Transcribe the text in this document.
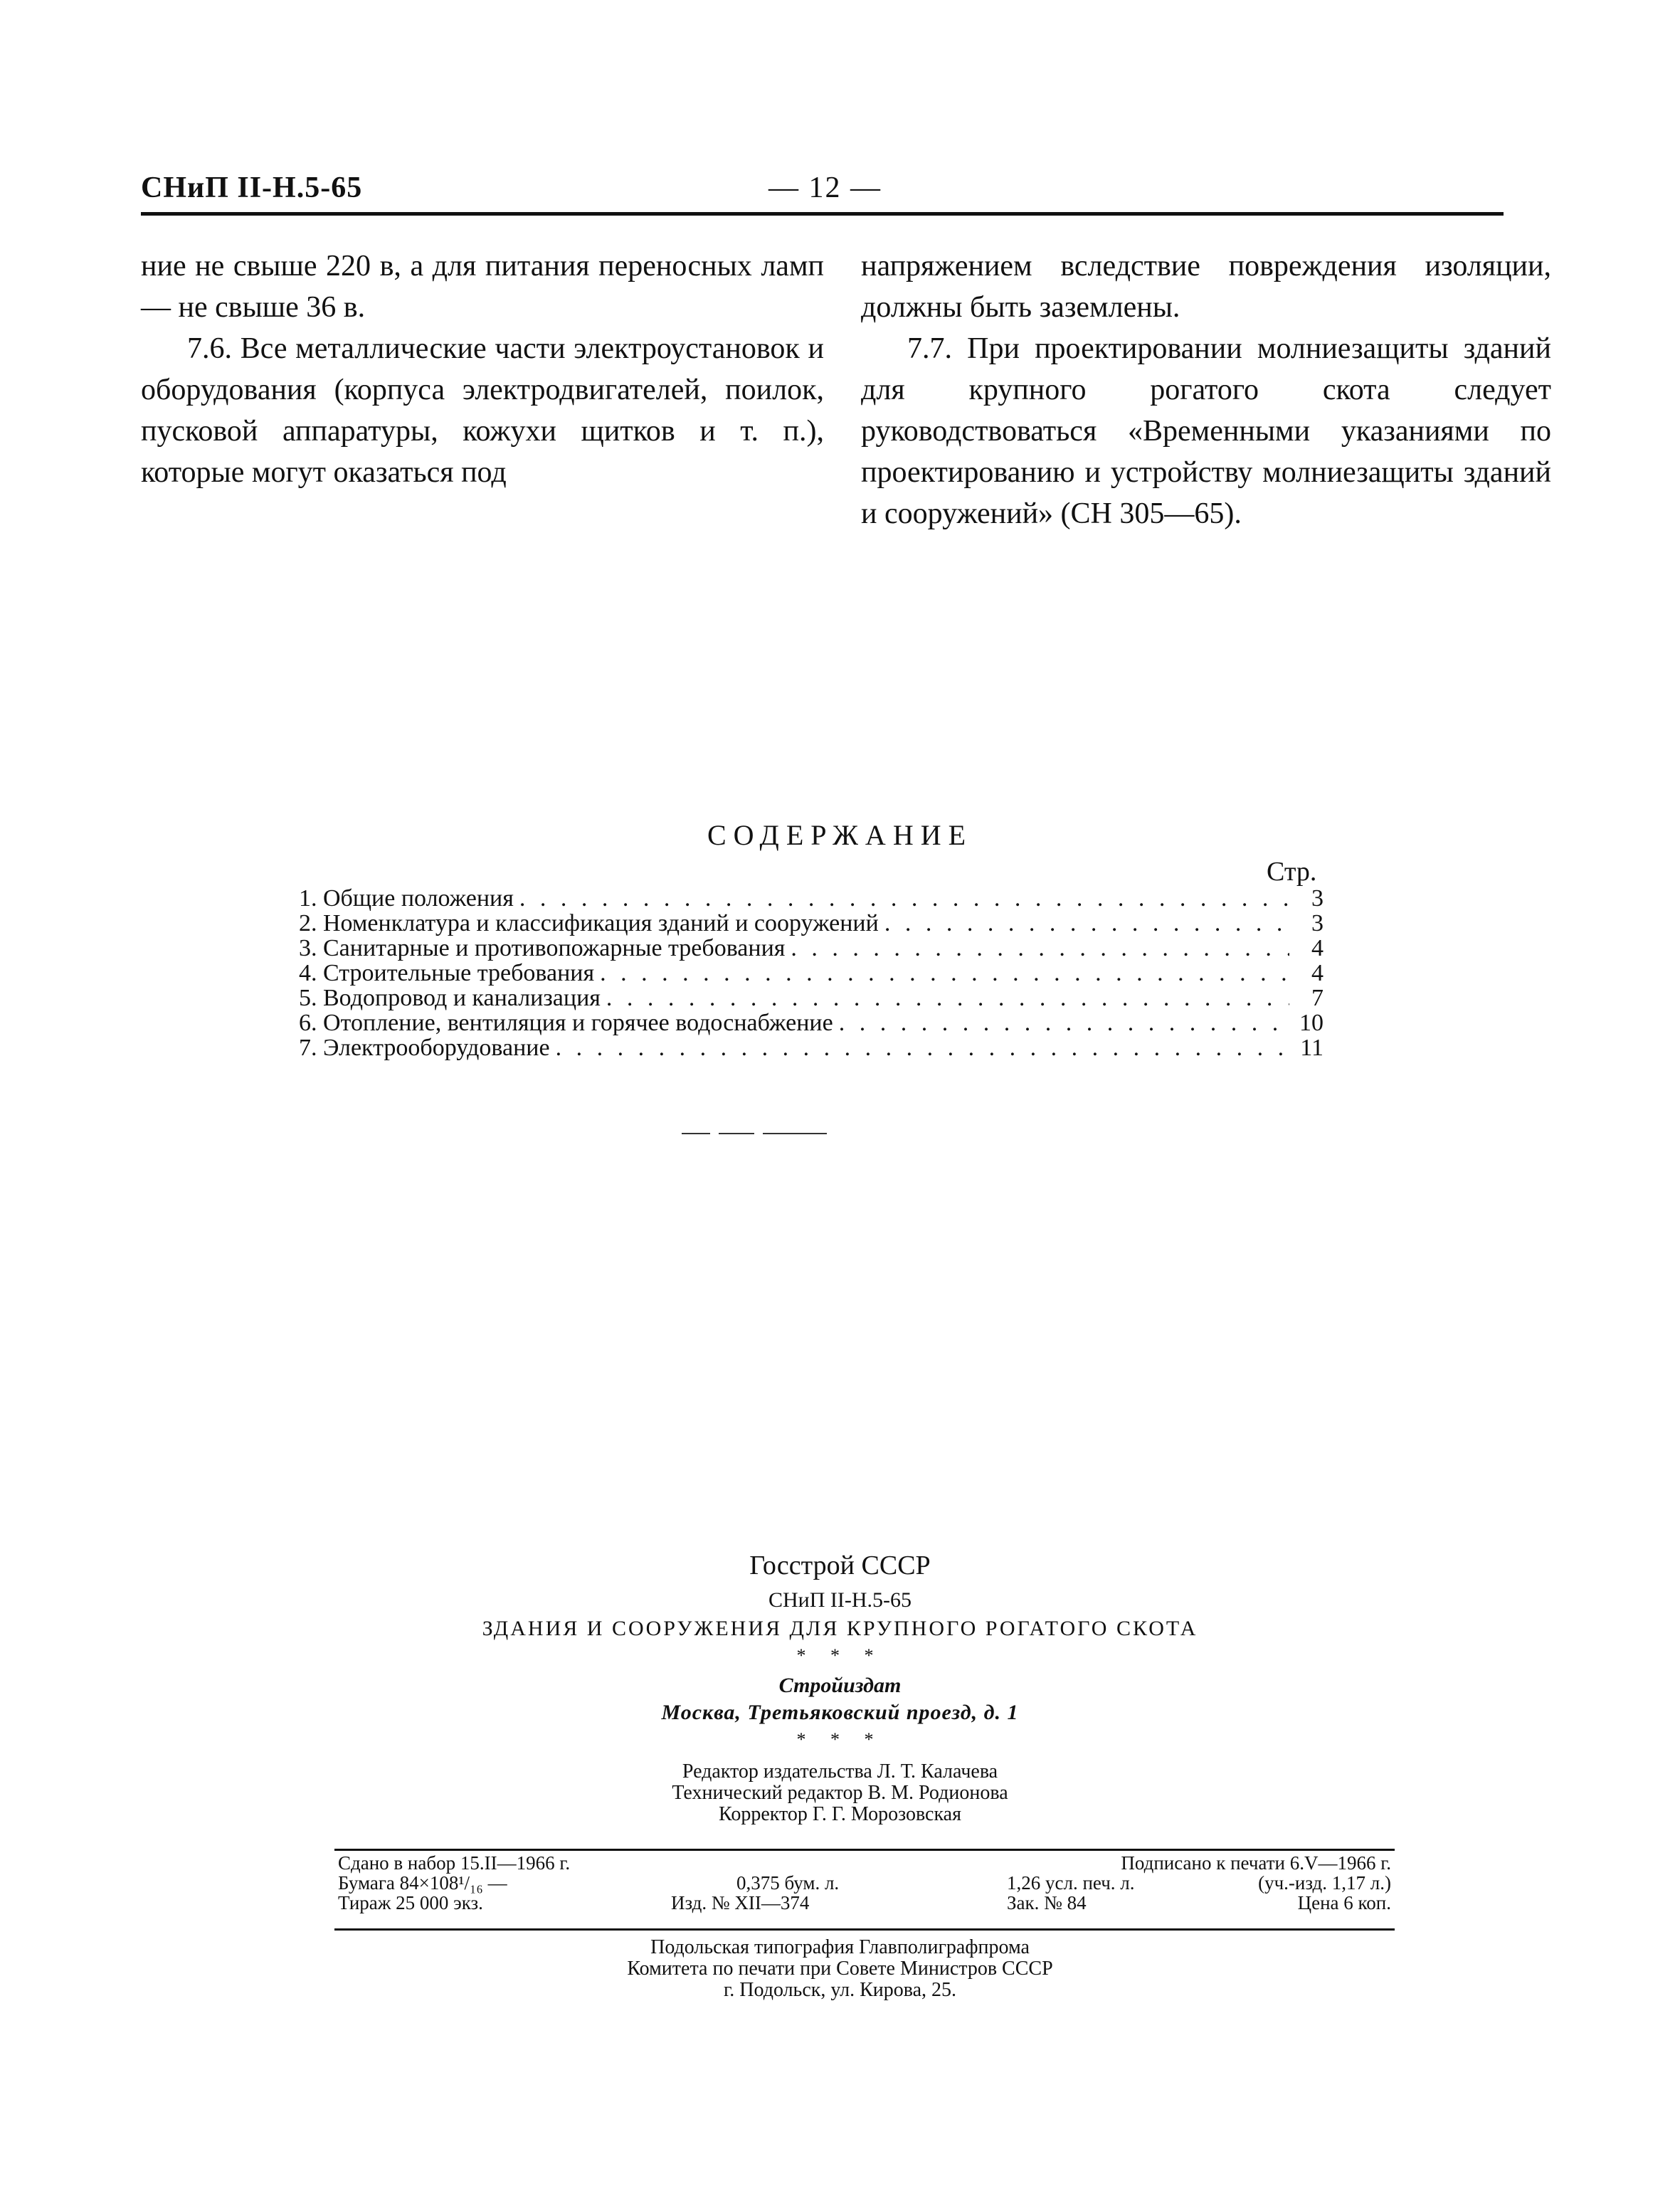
СНиП II-Н.5-65	— 12 —

ние не свыше 220 в, а для питания переносных ламп — не свыше 36 в.

7.6. Все металлические части электроустановок и оборудования (корпуса электродвигателей, поилок, пусковой аппаратуры, кожухи щитков и т. п.), которые могут оказаться под

напряжением вследствие повреждения изоляции, должны быть заземлены.

7.7. При проектировании молниезащиты зданий для крупного рогатого скота следует руководствоваться «Временными указаниями по проектированию и устройству молниезащиты зданий и сооружений» (СН 305—65).

СОДЕРЖАНИЕ
Стр.
1. Общие положения . . .	3
2. Номенклатура и классификация зданий и сооружений . . .	3
3. Санитарные и противопожарные требования . . .	4
4. Строительные требования . . .	4
5. Водопровод и канализация . . .	7
6. Отопление, вентиляция и горячее водоснабжение . . .	10
7. Электрооборудование . . .	11
Госстрой СССР
СНиП II-Н.5-65
ЗДАНИЯ И СООРУЖЕНИЯ ДЛЯ КРУПНОГО РОГАТОГО СКОТА
* * *
Стройиздат
Москва, Третьяковский проезд, д. 1
* * *
Редактор издательства Л. Т. Калачева
Технический редактор В. М. Родионова
Корректор Г. Г. Морозовская
Сдано в набор 15.II—1966 г.	Подписано к печати 6.V—1966 г.
Бумага 84×108¹/₁₆ —	0,375 бум. л.	1,26 усл. печ. л.	(уч.-изд. 1,17 л.)
Тираж 25 000 экз.	Изд. № XII—374	Зак. № 84	Цена 6 коп.
Подольская типография Главполиграфпрома
Комитета по печати при Совете Министров СССР
г. Подольск, ул. Кирова, 25.
